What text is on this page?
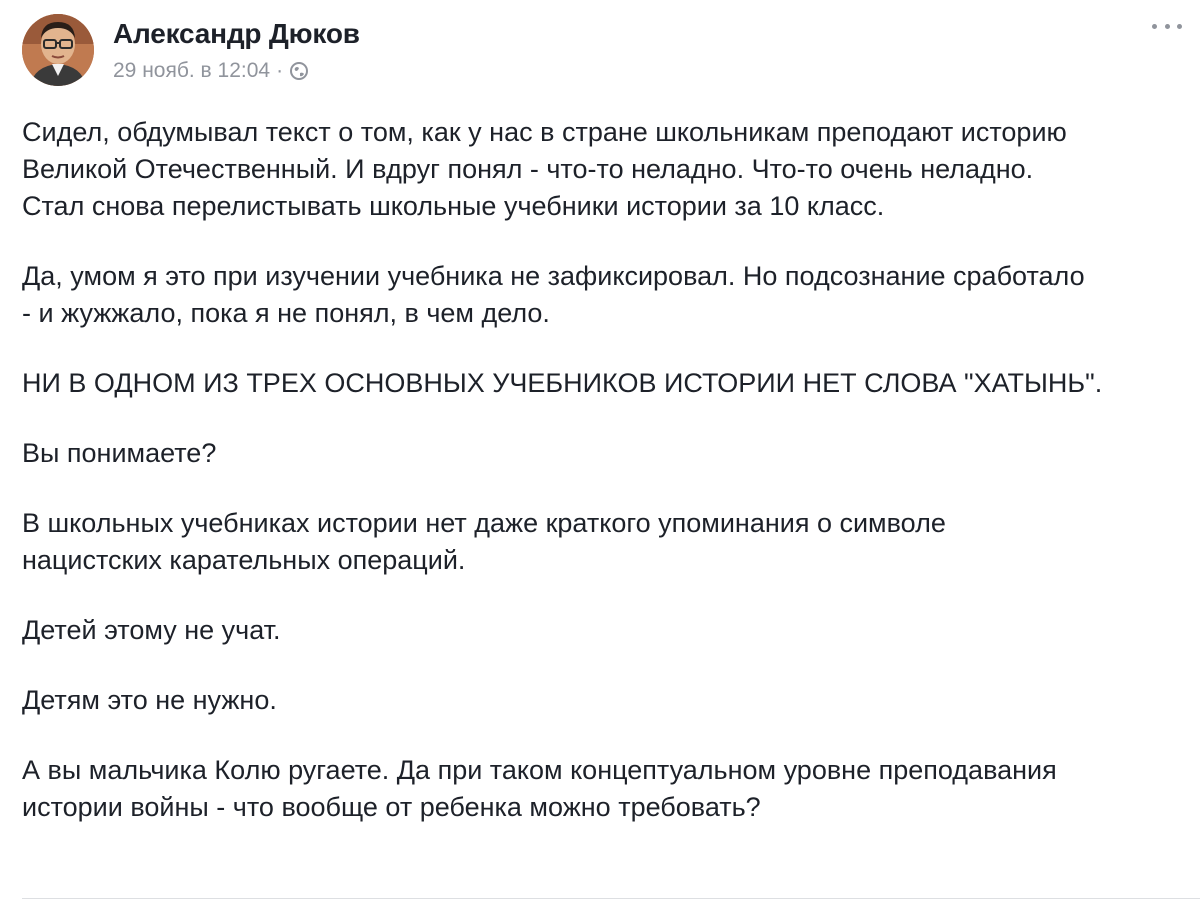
Александр Дюков
29 нояб. в 12:04 ·

Сидел, обдумывал текст о том, как у нас в стране школьникам преподают историю
Великой Отечественный. И вдруг понял - что-то неладно. Что-то очень неладно.
Стал снова перелистывать школьные учебники истории за 10 класс.

Да, умом я это при изучении учебника не зафиксировал. Но подсознание сработало
- и жужжало, пока я не понял, в чем дело.

НИ В ОДНОМ ИЗ ТРЕХ ОСНОВНЫХ УЧЕБНИКОВ ИСТОРИИ НЕТ СЛОВА "ХАТЫНЬ".

Вы понимаете?

В школьных учебниках истории нет даже краткого упоминания о символе
нацистских карательных операций.

Детей этому не учат.

Детям это не нужно.

А вы мальчика Колю ругаете. Да при таком концептуальном уровне преподавания
истории войны - что вообще от ребенка можно требовать?
